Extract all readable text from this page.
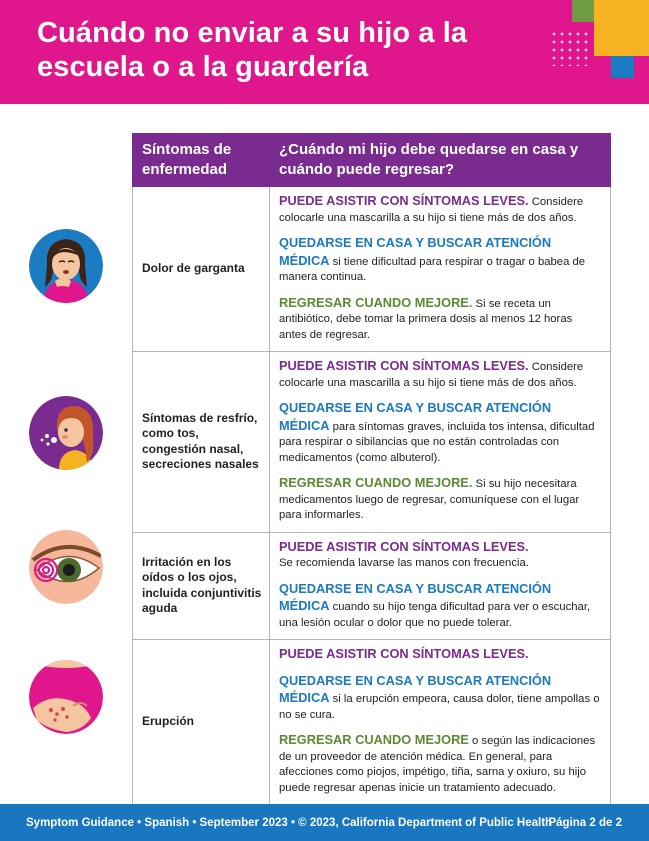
Cuándo no enviar a su hijo a la
escuela o a la guardería
Síntomas de enfermedad	¿Cuándo mi hijo debe quedarse en casa y cuándo puede regresar?
Dolor de garganta	PUEDE ASISTIR CON SÍNTOMAS LEVES. Considere colocarle una mascarilla a su hijo si tiene más de dos años.
QUEDARSE EN CASA Y BUSCAR ATENCIÓN MÉDICA si tiene dificultad para respirar o tragar o babea de manera continua.
REGRESAR CUANDO MEJORE. Si se receta un antibiótico, debe tomar la primera dosis al menos 12 horas antes de regresar.

Síntomas de resfrío, como tos, congestión nasal, secreciones nasales	PUEDE ASISTIR CON SÍNTOMAS LEVES. Considere colocarle una mascarilla a su hijo si tiene más de dos años.
QUEDARSE EN CASA Y BUSCAR ATENCIÓN MÉDICA para síntomas graves, incluida tos intensa, dificultad para respirar o sibilancias que no están controladas con medicamentos (como albuterol).
REGRESAR CUANDO MEJORE. Si su hijo necesitara medicamentos luego de regresar, comuníquese con el lugar para informarles.

Irritación en los oídos o los ojos, incluida conjuntivitis aguda	PUEDE ASISTIR CON SÍNTOMAS LEVES.
Se recomienda lavarse las manos con frecuencia.
QUEDARSE EN CASA Y BUSCAR ATENCIÓN MÉDICA cuando su hijo tenga dificultad para ver o escuchar, una lesión ocular o dolor que no puede tolerar.

Erupción	PUEDE ASISTIR CON SÍNTOMAS LEVES.
QUEDARSE EN CASA Y BUSCAR ATENCIÓN MÉDICA si la erupción empeora, causa dolor, tiene ampollas o no se cura.
REGRESAR CUANDO MEJORE o según las indicaciones de un proveedor de atención médica. En general, para afecciones como piojos, impétigo, tiña, sarna y oxiuro, su hijo puede regresar apenas inicie un tratamiento adecuado.
Symptom Guidance • Spanish • September 2023 • © 2023, California Department of Public Health
Página 2 de 2
